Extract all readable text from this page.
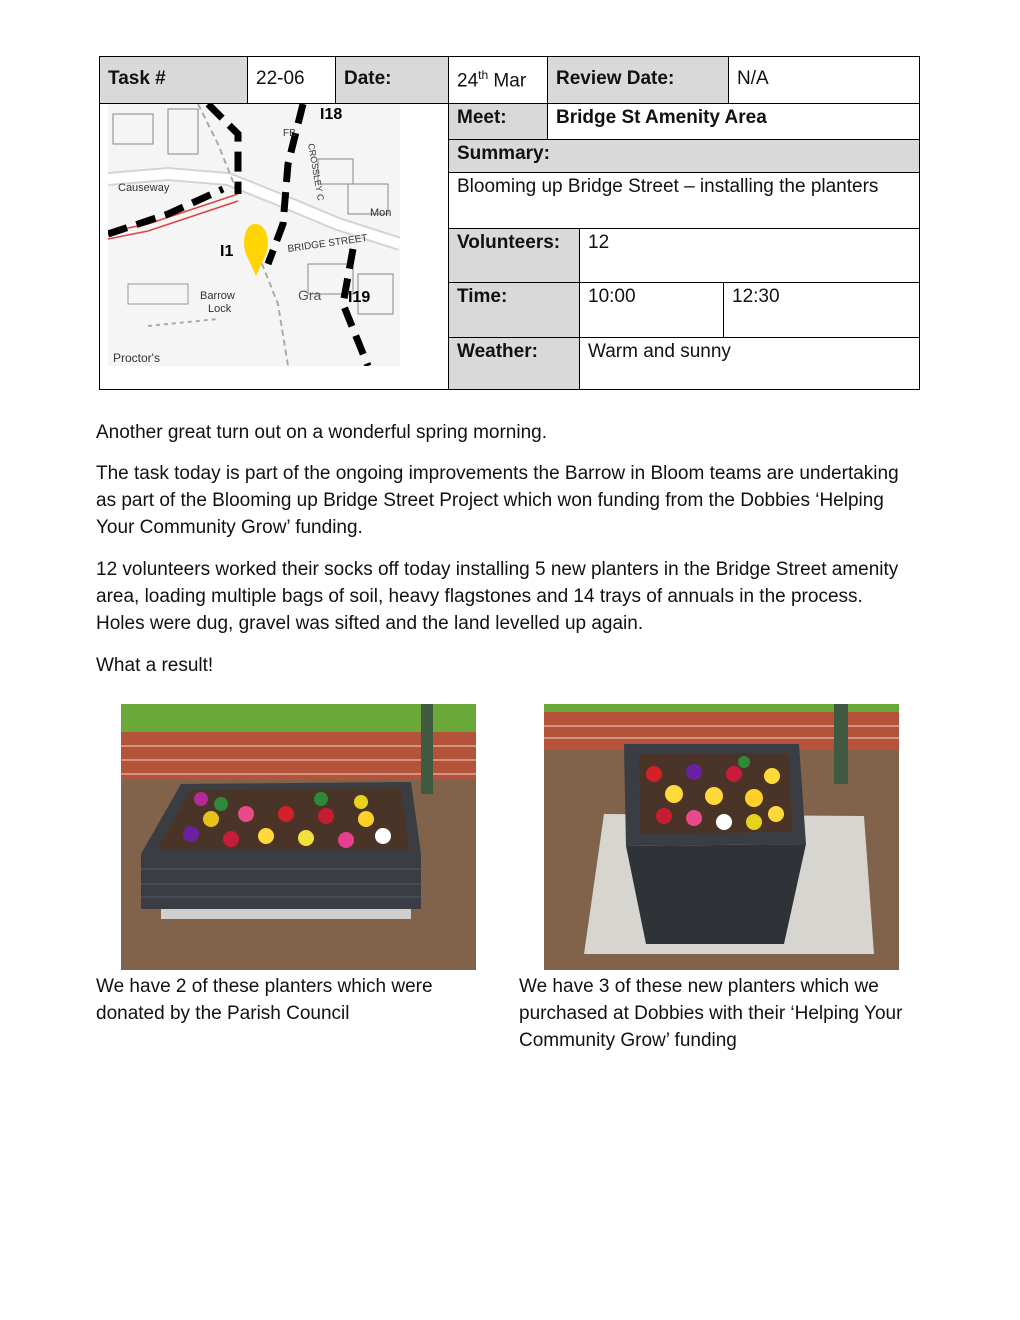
Task #	22-06	Date:	24th Mar	Review Date:	N/A
Meet:	Bridge St Amenity Area
Summary:
Blooming up Bridge Street – installing the planters
Volunteers:	12
Time:	10:00	12:30
Weather:	Warm and sunny
Causeway
BRIDGE STREET
CROSSLEY C
Mon
Barrow
Lock
Proctor's
I18
I19
I1
FB
Gra

Another great turn out on a wonderful spring morning.

The task today is part of the ongoing improvements the Barrow in Bloom teams are undertaking as part of the Blooming up Bridge Street Project which won funding from the Dobbies ‘Helping Your Community Grow’ funding.

12 volunteers worked their socks off today installing 5 new planters in the Bridge Street amenity area, loading multiple bags of soil, heavy flagstones and 14 trays of annuals in the process. Holes were dug, gravel was sifted and the land levelled up again.

What a result!

We have 2 of these planters which were donated by the Parish Council
We have 3 of these new planters which we purchased at Dobbies with their ‘Helping Your Community Grow’ funding
